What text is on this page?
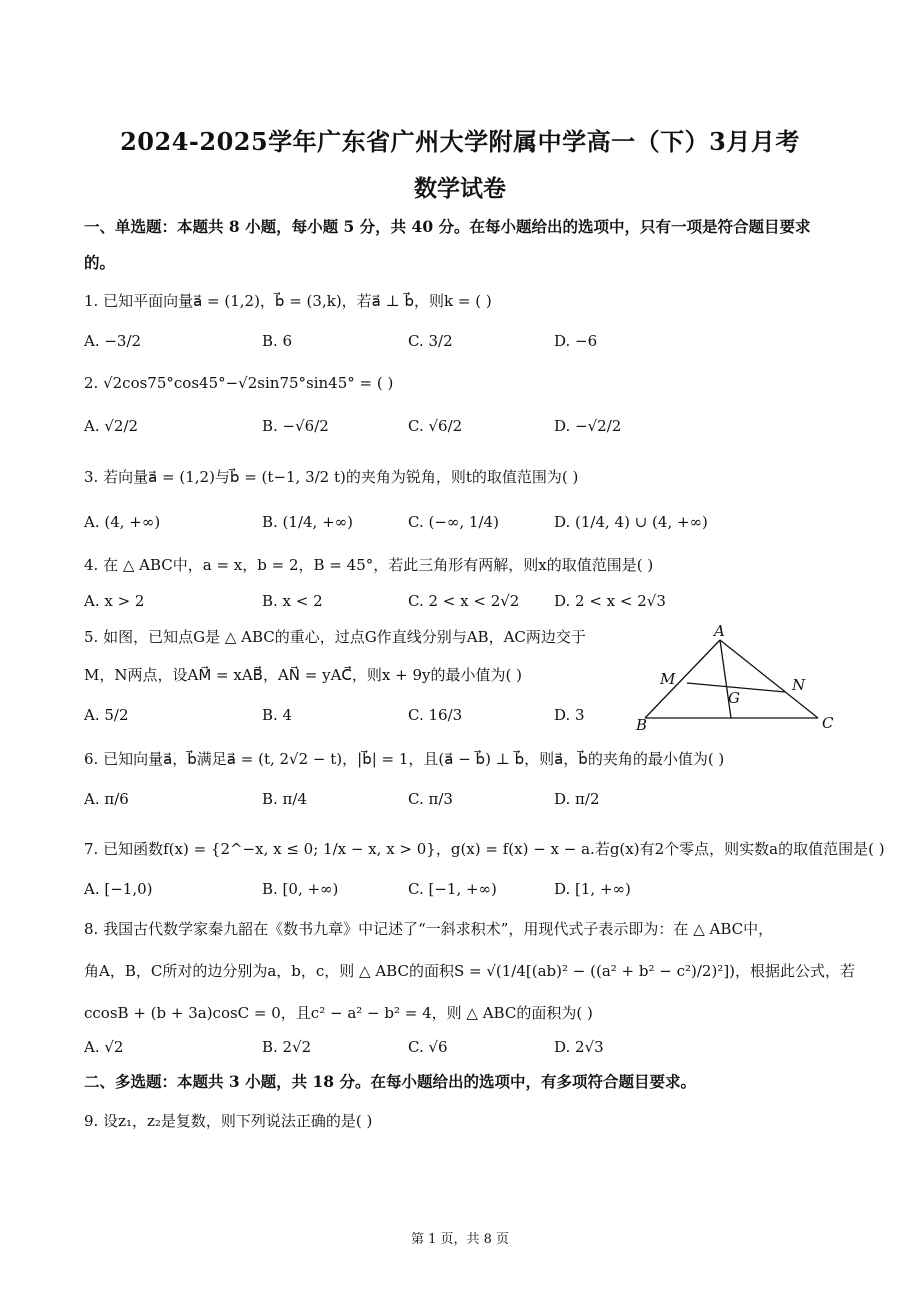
2024-2025学年广东省广州大学附属中学高一（下）3月月考
数学试卷
一、单选题：本题共 8 小题，每小题 5 分，共 40 分。在每小题给出的选项中，只有一项是符合题目要求
的。
1. 已知平面向量a⃗ = (1,2)，b⃗ = (3,k)，若a⃗ ⊥ b⃗，则k = ( )
A. −3/2	B. 6	C. 3/2	D. −6
2. √2cos75°cos45°−√2sin75°sin45° = ( )
A. √2/2	B. −√6/2	C. √6/2	D. −√2/2
3. 若向量a⃗ = (1,2)与b⃗ = (t−1, 3/2 t)的夹角为锐角，则t的取值范围为( )
A. (4, +∞)	B. (1/4, +∞)	C. (−∞, 1/4)	D. (1/4, 4) ∪ (4, +∞)
4. 在 △ ABC中，a = x，b = 2，B = 45°，若此三角形有两解，则x的取值范围是( )
A. x > 2	B. x < 2	C. 2 < x < 2√2 D. 2 < x < 2√3
5. 如图，已知点G是 △ ABC的重心，过点G作直线分别与AB，AC两边交于
M，N两点，设AM⃗ = xAB⃗，AN⃗ = yAC⃗，则x + 9y的最小值为( )
A. 5/2	B. 4	C. 16/3	D. 3
A
M	N
G
B	C
6. 已知向量a⃗，b⃗满足a⃗ = (t, 2√2 − t)，|b⃗| = 1，且(a⃗ − b⃗) ⊥ b⃗，则a⃗，b⃗的夹角的最小值为( )
A. π/6	B. π/4	C. π/3	D. π/2
7. 已知函数f(x) = {2^−x, x ≤ 0; 1/x − x, x > 0}，g(x) = f(x) − x − a.若g(x)有2个零点，则实数a的取值范围是( )
A. [−1,0)	B. [0, +∞)	C. [−1, +∞)	D. [1, +∞)
8. 我国古代数学家秦九韶在《数书九章》中记述了“一斜求积术”，用现代式子表示即为：在 △ ABC中，
角A，B，C所对的边分别为a，b，c，则 △ ABC的面积S = √(1/4[(ab)² − ((a² + b² − c²)/2)²])，根据此公式，若
ccosB + (b + 3a)cosC = 0，且c² − a² − b² = 4，则 △ ABC的面积为( )
A. √2	B. 2√2	C. √6	D. 2√3
二、多选题：本题共 3 小题，共 18 分。在每小题给出的选项中，有多项符合题目要求。
9. 设z₁，z₂是复数，则下列说法正确的是( )
第 1 页，共 8 页
